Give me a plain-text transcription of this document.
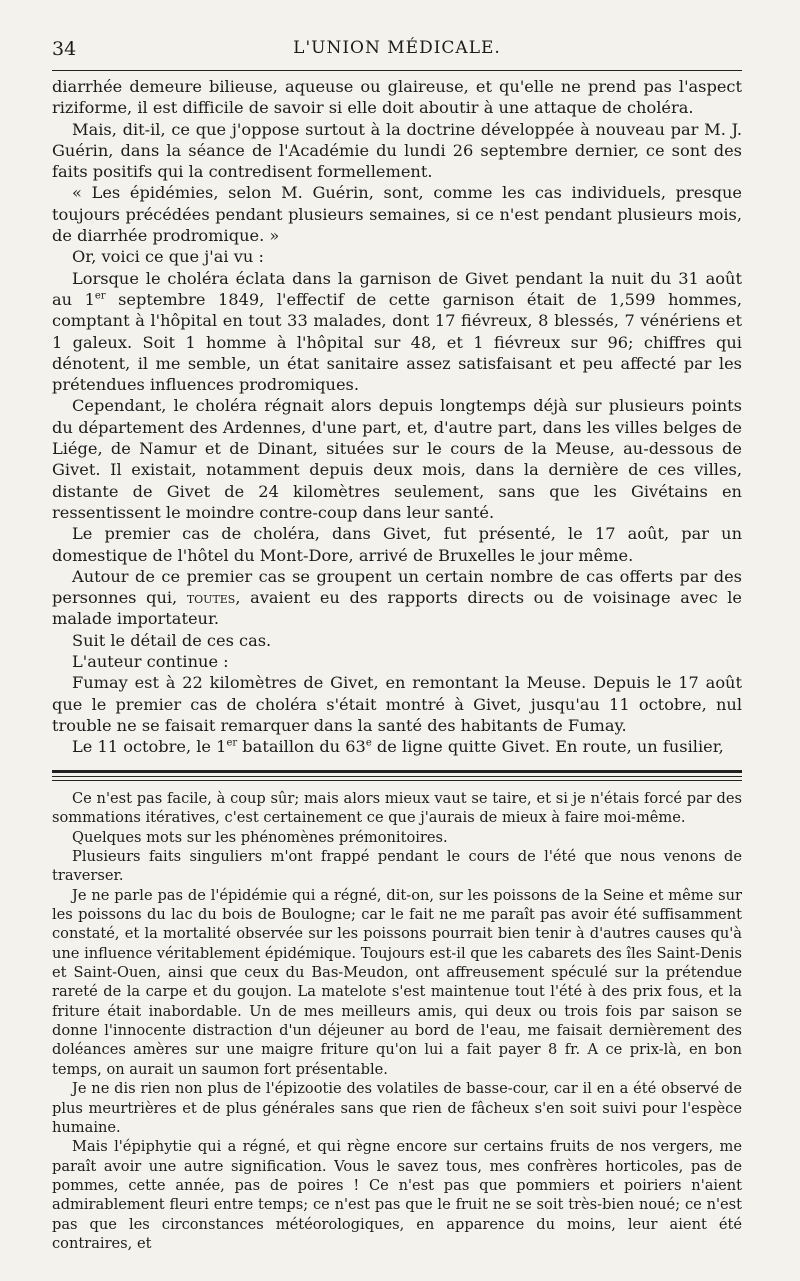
34	L'UNION MÉDICALE.

diarrhée demeure bilieuse, aqueuse ou glaireuse, et qu'elle ne prend pas l'aspect riziforme, il est difficile de savoir si elle doit aboutir à une attaque de choléra.

Mais, dit-il, ce que j'oppose surtout à la doctrine développée à nouveau par M. J. Guérin, dans la séance de l'Académie du lundi 26 septembre dernier, ce sont des faits positifs qui la contredisent formellement.

« Les épidémies, selon M. Guérin, sont, comme les cas individuels, presque toujours précédées pendant plusieurs semaines, si ce n'est pendant plusieurs mois, de diarrhée prodromique. »

Or, voici ce que j'ai vu :

Lorsque le choléra éclata dans la garnison de Givet pendant la nuit du 31 août au 1er septembre 1849, l'effectif de cette garnison était de 1,599 hommes, comptant à l'hôpital en tout 33 malades, dont 17 fiévreux, 8 blessés, 7 vénériens et 1 galeux. Soit 1 homme à l'hôpital sur 48, et 1 fiévreux sur 96; chiffres qui dénotent, il me semble, un état sanitaire assez satisfaisant et peu affecté par les prétendues influences prodromiques.

Cependant, le choléra régnait alors depuis longtemps déjà sur plusieurs points du département des Ardennes, d'une part, et, d'autre part, dans les villes belges de Liége, de Namur et de Dinant, situées sur le cours de la Meuse, au-dessous de Givet. Il existait, notamment depuis deux mois, dans la dernière de ces villes, distante de Givet de 24 kilomètres seulement, sans que les Givétains en ressentissent le moindre contre-coup dans leur santé.

Le premier cas de choléra, dans Givet, fut présenté, le 17 août, par un domestique de l'hôtel du Mont-Dore, arrivé de Bruxelles le jour même.

Autour de ce premier cas se groupent un certain nombre de cas offerts par des personnes qui, toutes, avaient eu des rapports directs ou de voisinage avec le malade importateur.

Suit le détail de ces cas.

L'auteur continue :

Fumay est à 22 kilomètres de Givet, en remontant la Meuse. Depuis le 17 août que le premier cas de choléra s'était montré à Givet, jusqu'au 11 octobre, nul trouble ne se faisait remarquer dans la santé des habitants de Fumay.

Le 11 octobre, le 1er bataillon du 63e de ligne quitte Givet. En route, un fusilier,

Ce n'est pas facile, à coup sûr; mais alors mieux vaut se taire, et si je n'étais forcé par des sommations itératives, c'est certainement ce que j'aurais de mieux à faire moi-même.

Quelques mots sur les phénomènes prémonitoires.

Plusieurs faits singuliers m'ont frappé pendant le cours de l'été que nous venons de traverser.

Je ne parle pas de l'épidémie qui a régné, dit-on, sur les poissons de la Seine et même sur les poissons du lac du bois de Boulogne; car le fait ne me paraît pas avoir été suffisamment constaté, et la mortalité observée sur les poissons pourrait bien tenir à d'autres causes qu'à une influence véritablement épidémique. Toujours est-il que les cabarets des îles Saint-Denis et Saint-Ouen, ainsi que ceux du Bas-Meudon, ont affreusement spéculé sur la prétendue rareté de la carpe et du goujon. La matelote s'est maintenue tout l'été à des prix fous, et la friture était inabordable. Un de mes meilleurs amis, qui deux ou trois fois par saison se donne l'innocente distraction d'un déjeuner au bord de l'eau, me faisait dernièrement des doléances amères sur une maigre friture qu'on lui a fait payer 8 fr. A ce prix-là, en bon temps, on aurait un saumon fort présentable.

Je ne dis rien non plus de l'épizootie des volatiles de basse-cour, car il en a été observé de plus meurtrières et de plus générales sans que rien de fâcheux s'en soit suivi pour l'espèce humaine.

Mais l'épiphytie qui a régné, et qui règne encore sur certains fruits de nos vergers, me paraît avoir une autre signification. Vous le savez tous, mes confrères horticoles, pas de pommes, cette année, pas de poires ! Ce n'est pas que pommiers et poiriers n'aient admirablement fleuri entre temps; ce n'est pas que le fruit ne se soit très-bien noué; ce n'est pas que les circonstances météorologiques, en apparence du moins, leur aient été contraires, et
